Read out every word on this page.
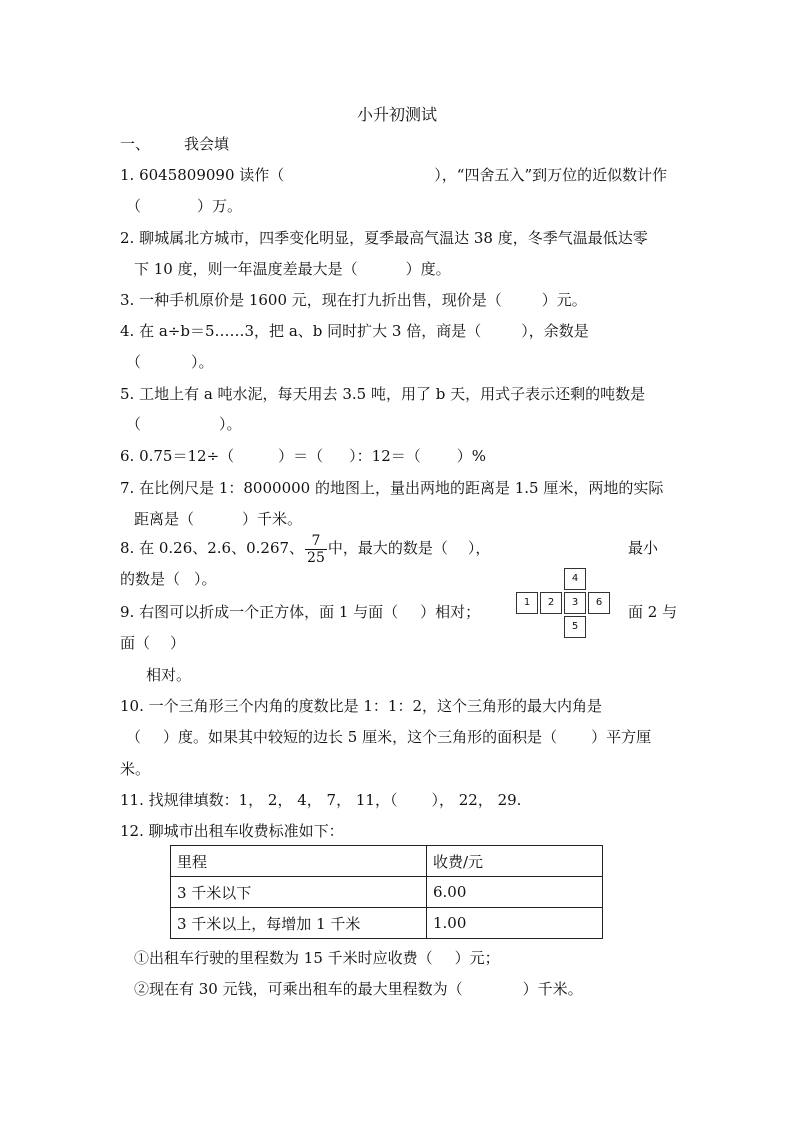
小升初测试
一、 我会填
1. 6045809090 读作（	），“四舍五入”到万位的近似数计作
（	）万。
2. 聊城属北方城市，四季变化明显，夏季最高气温达 38 度，冬季气温最低达零
下 10 度，则一年温度差最大是（	）度。
3. 一种手机原价是 1600 元，现在打九折出售，现价是（	）元。
4. 在 a÷b＝5……3，把 a、b 同时扩大 3 倍，商是（	），余数是
（	）。
5. 工地上有 a 吨水泥，每天用去 3.5 吨，用了 b 天，用式子表示还剩的吨数是
（	）。
6. 0.75＝12÷（	）＝（ ）：12＝（ ）%
7. 在比例尺是 1：8000000 的地图上，量出两地的距离是 1.5 厘米，两地的实际
距离是（	）千米。
8. 在 0.26、2.6、0.267、 $\frac{7}{25}$ 中，最大的数是（ ），	最小
的数是（ ）。
9. 右图可以折成一个正方体，面 1 与面（ ）相对；	面 2 与
面（ ）
相对。
4
1	2	3	6
5
10. 一个三角形三个内角的度数比是 1：1：2，这个三角形的最大内角是
（ ）度。如果其中较短的边长 5 厘米，这个三角形的面积是（ ）平方厘
米。
11. 找规律填数：1， 2， 4， 7， 11，（ ）， 22， 29.
12. 聊城市出租车收费标准如下：
里程	收费/元
3 千米以下	6.00
3 千米以上，每增加 1 千米	1.00
①出租车行驶的里程数为 15 千米时应收费（ ）元；
②现在有 30 元钱，可乘出租车的最大里程数为（	）千米。
